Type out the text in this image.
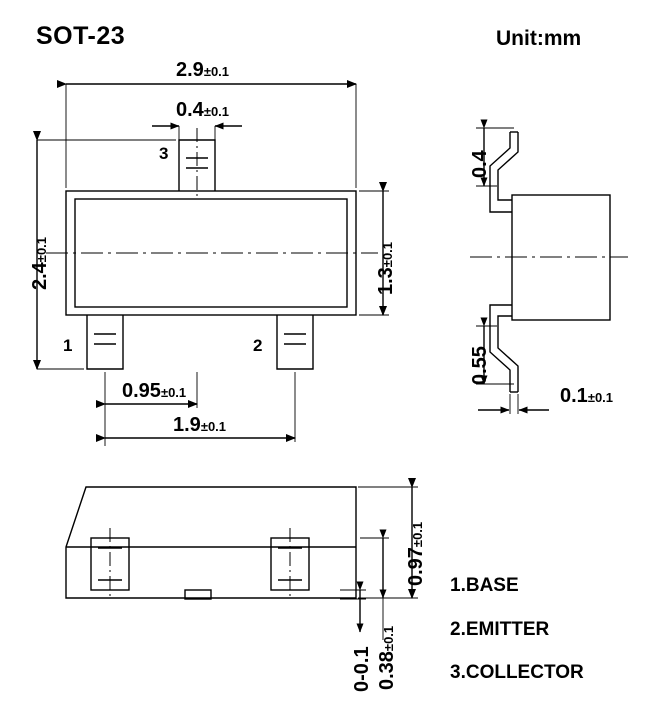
SOT-23	Unit:mm
2.9±0.1
0.4±0.1
2.4±0.1
1.3±0.1
1	2
3
0.95±0.1
1.9±0.1
0.4
0.55
0.1±0.1
0.97±0.1
0.38±0.1
0-0.1
1.BASE
2.EMITTER
3.COLLECTOR
